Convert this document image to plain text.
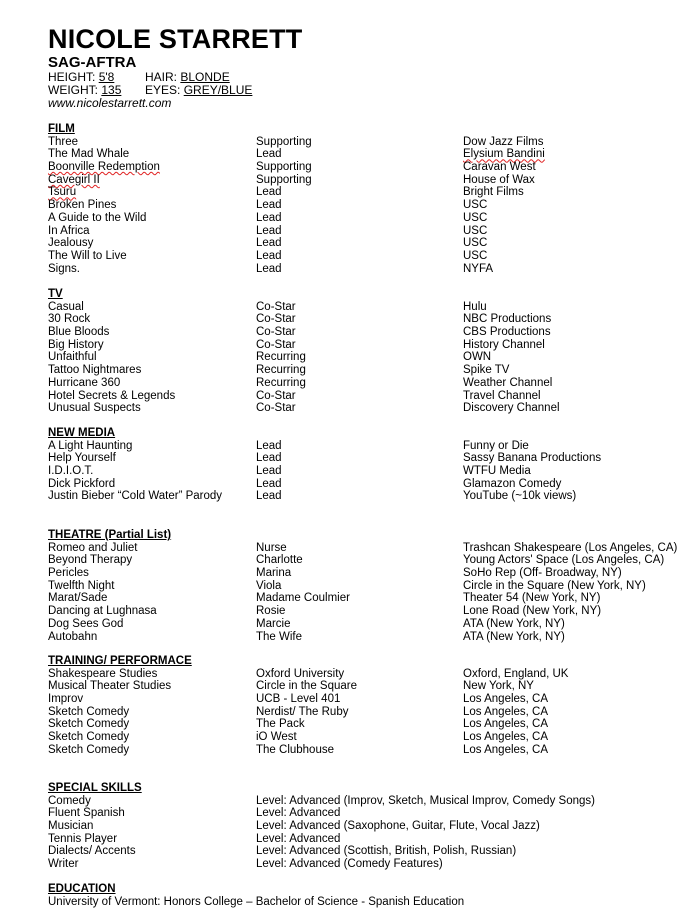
NICOLE STARRETT
SAG-AFTRA
HEIGHT: 5'8	HAIR: BLONDE
WEIGHT: 135 EYES: GREY/BLUE
www.nicolestarrett.com
FILM
Three	Supporting	Dow Jazz Films
The Mad Whale	Lead	Elysium Bandini
Boonville Redemption	Supporting	Caravan West
Cavegirl II	Supporting	House of Wax
Tsuru	Lead	Bright Films
Broken Pines	Lead	USC
A Guide to the Wild	Lead	USC
In Africa	Lead	USC
Jealousy	Lead	USC
The Will to Live	Lead	USC
Signs.	Lead	NYFA
TV
Casual	Co-Star	Hulu
30 Rock	Co-Star	NBC Productions
Blue Bloods	Co-Star	CBS Productions
Big History	Co-Star	History Channel
Unfaithful	Recurring	OWN
Tattoo Nightmares	Recurring	Spike TV
Hurricane 360	Recurring	Weather Channel
Hotel Secrets & Legends	Co-Star	Travel Channel
Unusual Suspects	Co-Star	Discovery Channel
NEW MEDIA
A Light Haunting	Lead	Funny or Die
Help Yourself	Lead	Sassy Banana Productions
I.D.I.O.T.	Lead	WTFU Media
Dick Pickford	Lead	Glamazon Comedy
Justin Bieber “Cold Water” Parody	Lead	YouTube (~10k views)
THEATRE (Partial List)
Romeo and Juliet	Nurse	Trashcan Shakespeare (Los Angeles, CA)
Beyond Therapy	Charlotte	Young Actors' Space (Los Angeles, CA)
Pericles	Marina	SoHo Rep (Off- Broadway, NY)
Twelfth Night	Viola	Circle in the Square (New York, NY)
Marat/Sade	Madame Coulmier	Theater 54 (New York, NY)
Dancing at Lughnasa	Rosie	Lone Road (New York, NY)
Dog Sees God	Marcie	ATA (New York, NY)
Autobahn	The Wife	ATA (New York, NY)
TRAINING/ PERFORMACE
Shakespeare Studies	Oxford University	Oxford, England, UK
Musical Theater Studies	Circle in the Square	New York, NY
Improv	UCB - Level 401	Los Angeles, CA
Sketch Comedy	Nerdist/ The Ruby	Los Angeles, CA
Sketch Comedy	The Pack	Los Angeles, CA
Sketch Comedy	iO West	Los Angeles, CA
Sketch Comedy	The Clubhouse	Los Angeles, CA
SPECIAL SKILLS
Comedy	Level: Advanced (Improv, Sketch, Musical Improv, Comedy Songs)
Fluent Spanish	Level: Advanced
Musician	Level: Advanced (Saxophone, Guitar, Flute, Vocal Jazz)
Tennis Player	Level: Advanced
Dialects/ Accents	Level: Advanced (Scottish, British, Polish, Russian)
Writer	Level: Advanced (Comedy Features)
EDUCATION
University of Vermont: Honors College – Bachelor of Science - Spanish Education
